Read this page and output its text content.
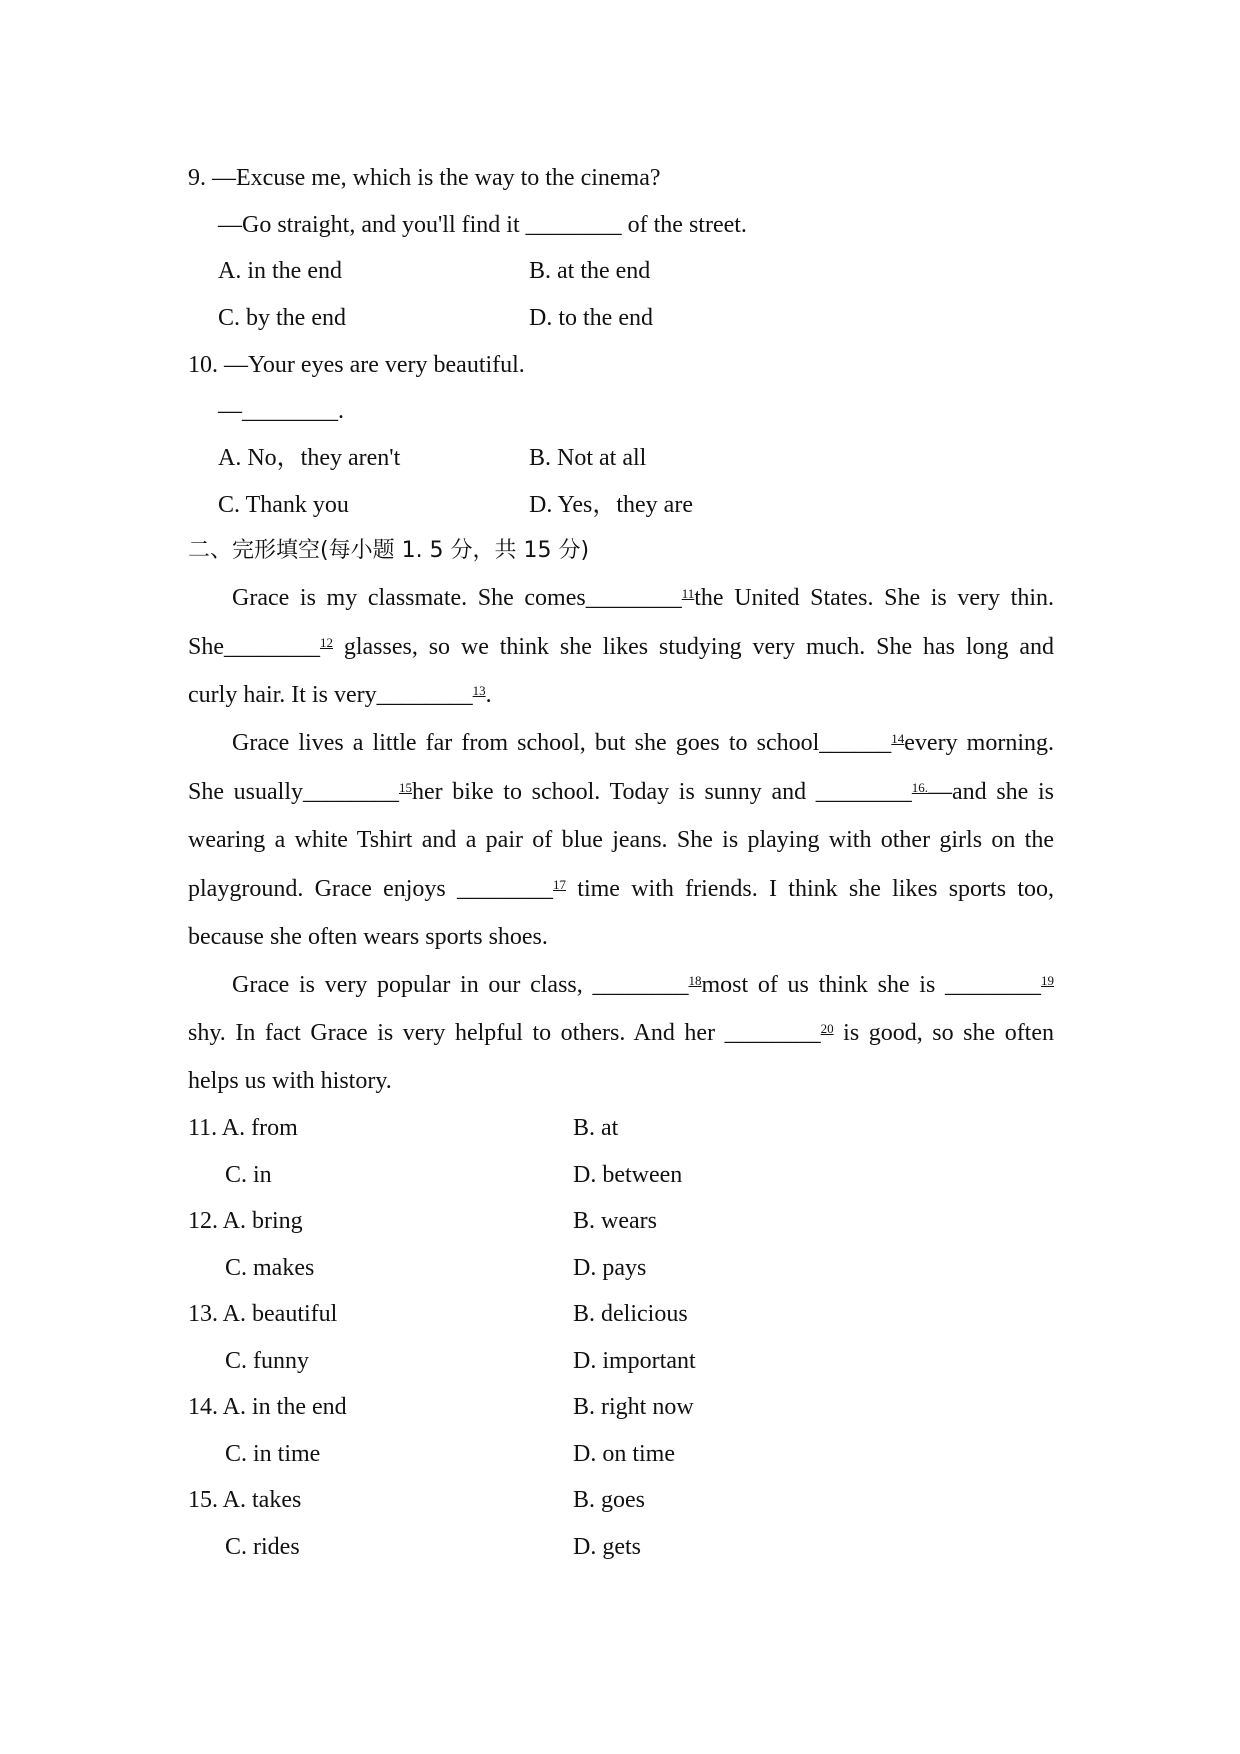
9. —Excuse me, which is the way to the cinema?
—Go straight, and you'll find it ________ of the street.
A. in the end	B. at the end
C. by the end	D. to the end
10. —Your eyes are very beautiful.
—________.
A. No，they aren't	B. Not at all
C. Thank you	D. Yes，they are
二、完形填空(每小题 1. 5 分，共 15 分)
Grace is my classmate. She comes________$^{11}$the United States. She is very thin.
She________$^{12}$ glasses, so we think she likes studying very much. She has long and
curly hair. It is very________$^{13}$.
Grace lives a little far from school, but she goes to school______$^{14}$every morning.
She usually________$^{15}$her bike to school. Today is sunny and ________$^{16.}$—and she is
wearing a white Tshirt and a pair of blue jeans. She is playing with other girls on the
playground. Grace enjoys ________$^{17}$ time with friends. I think she likes sports too,
because she often wears sports shoes.
Grace is very popular in our class, ________$^{18}$most of us think she is ________$^{19}$
shy. In fact Grace is very helpful to others. And her ________$^{20}$ is good, so she often
helps us with history.
11. A. from	B. at
C. in	D. between
12. A. bring	B. wears
C. makes	D. pays
13. A. beautiful	B. delicious
C. funny	D. important
14. A. in the end	B. right now
C. in time	D. on time
15. A. takes	B. goes
C. rides	D. gets
